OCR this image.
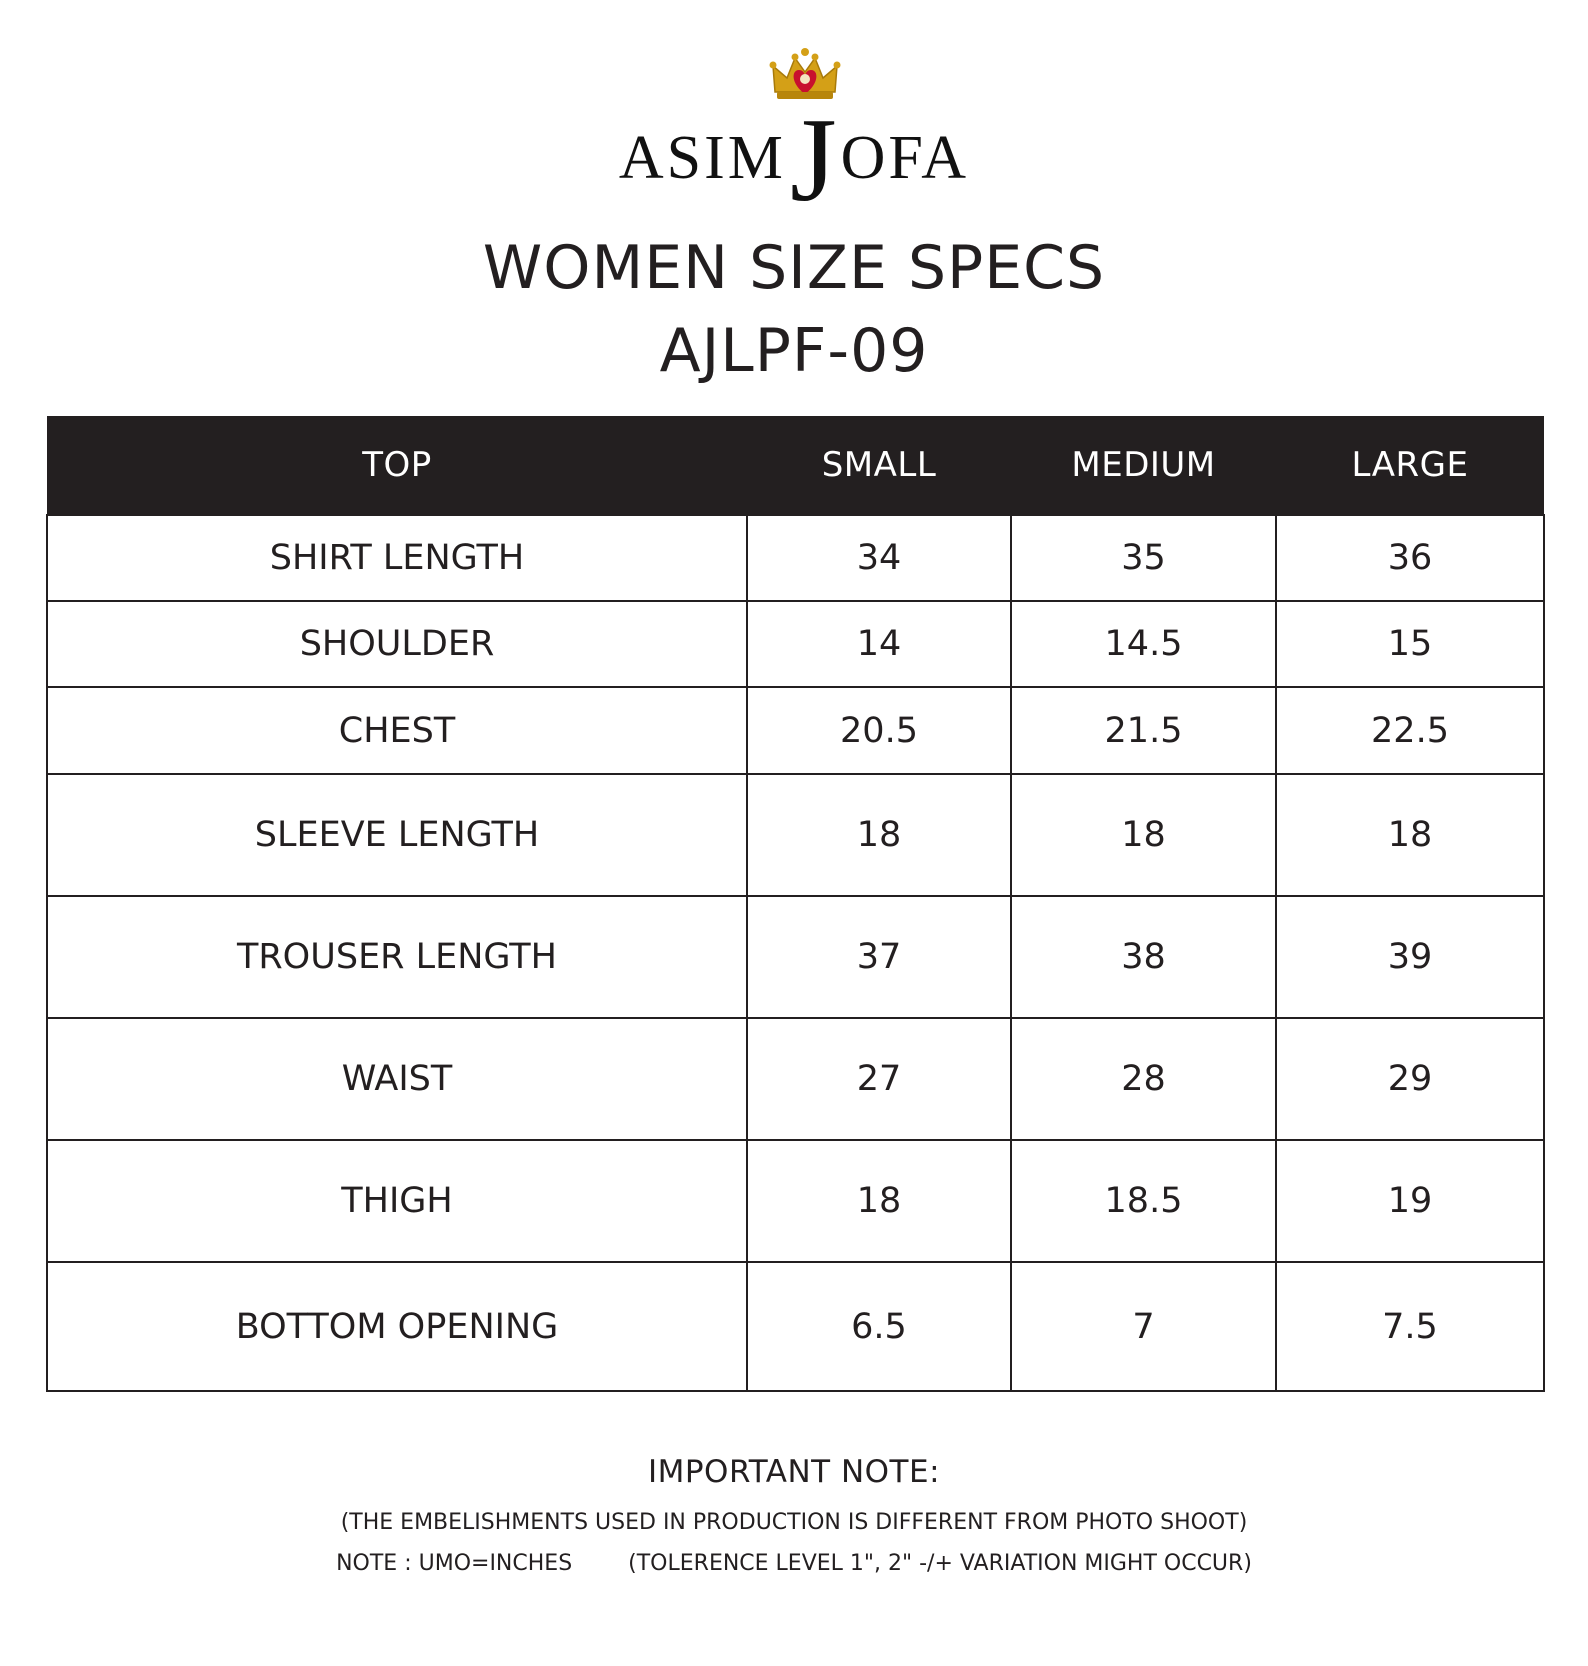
ASIMJOFA
WOMEN SIZE SPECS
AJLPF-09
TOP	SMALL	MEDIUM	LARGE
SHIRT LENGTH	34	35	36
SHOULDER	14	14.5	15
CHEST	20.5	21.5	22.5
SLEEVE LENGTH	18	18	18
TROUSER LENGTH	37	38	39
WAIST	27	28	29
THIGH	18	18.5	19
BOTTOM OPENING	6.5	7	7.5
IMPORTANT NOTE:
(THE EMBELISHMENTS USED IN PRODUCTION IS DIFFERENT FROM PHOTO SHOOT)
NOTE : UMO=INCHES	(TOLERENCE LEVEL 1", 2" -/+ VARIATION MIGHT OCCUR)
